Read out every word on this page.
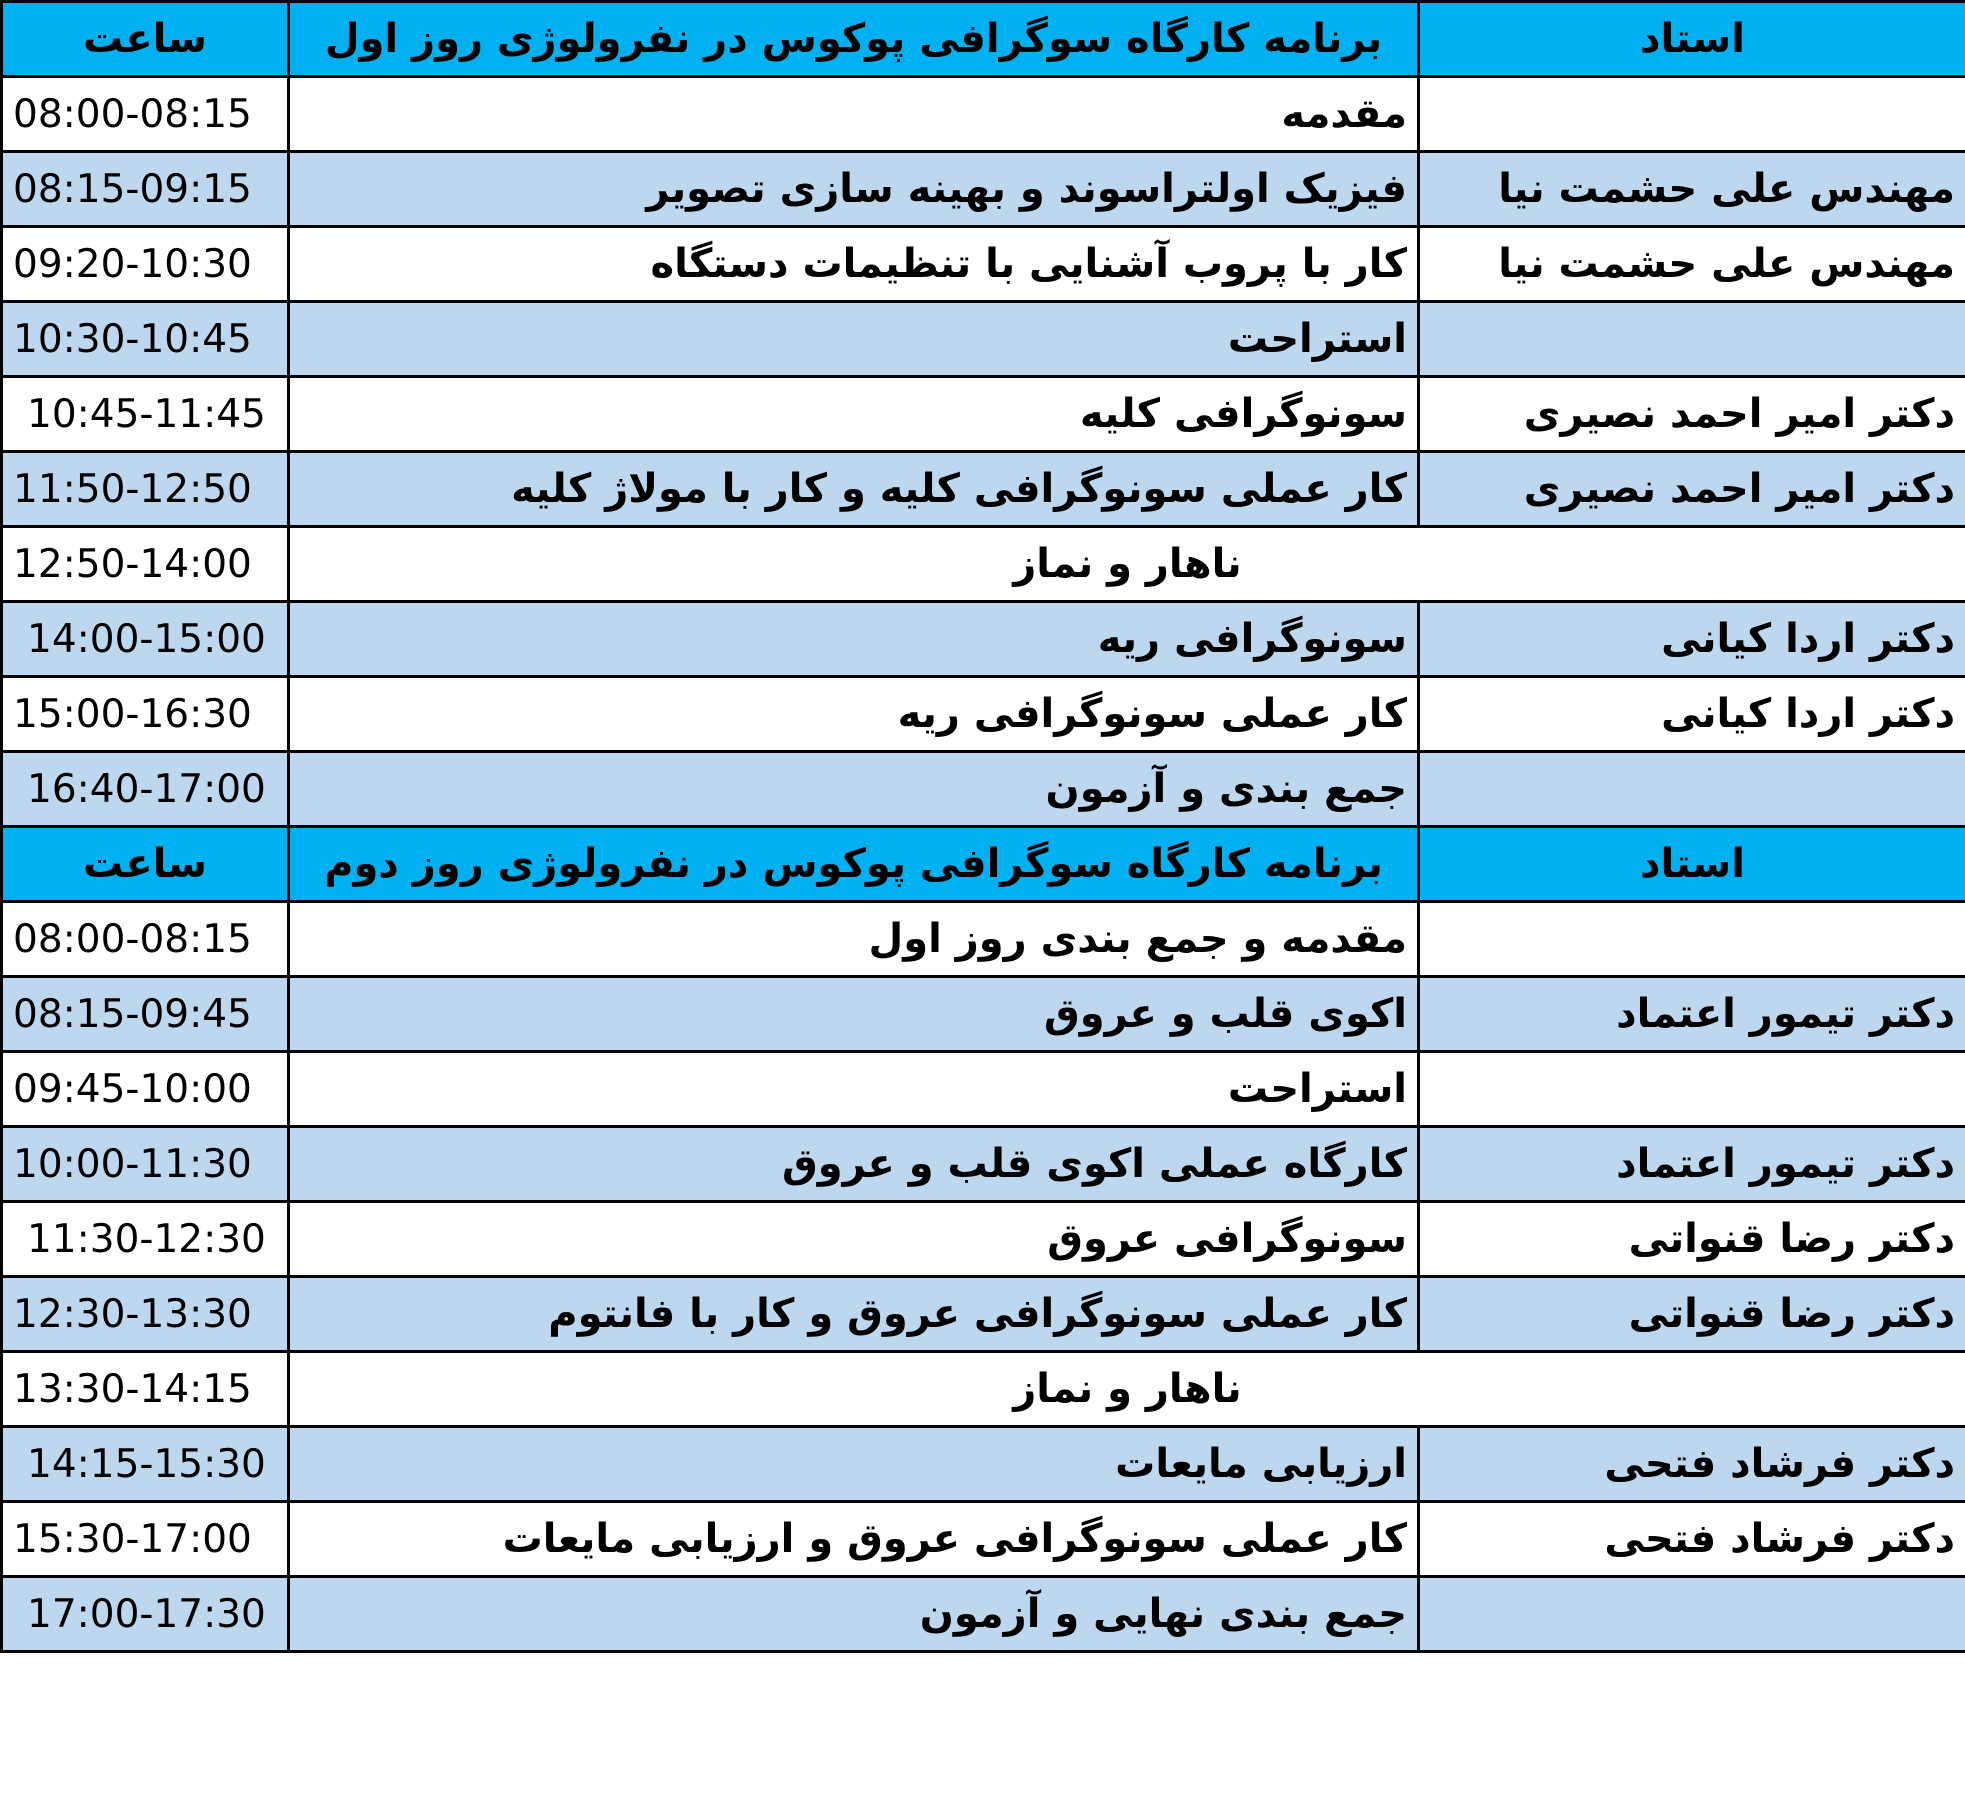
ساعت	برنامه کارگاه سوگرافی پوکوس در نفرولوژی روز اول	استاد
08:00-08:15	مقدمه	
08:15-09:15	فیزیک اولتراسوند و بهینه سازی تصویر	مهندس علی حشمت نیا
09:20-10:30	کار با پروب آشنایی با تنظیمات دستگاه	مهندس علی حشمت نیا
10:30-10:45	استراحت	
10:45-11:45	سونوگرافی کلیه	دکتر امیر احمد نصیری
11:50-12:50	کار عملی سونوگرافی کلیه و کار با مولاژ کلیه	دکتر امیر احمد نصیری
12:50-14:00	ناهار و نماز	
14:00-15:00	سونوگرافی ریه	دکتر اردا کیانی
15:00-16:30	کار عملی سونوگرافی ریه	دکتر اردا کیانی
16:40-17:00	جمع بندی و آزمون	
ساعت	برنامه کارگاه سوگرافی پوکوس در نفرولوژی روز دوم	استاد
08:00-08:15	مقدمه و جمع بندی روز اول	
08:15-09:45	اکوی قلب و عروق	دکتر تیمور اعتماد
09:45-10:00	استراحت	
10:00-11:30	کارگاه عملی اکوی قلب و عروق	دکتر تیمور اعتماد
11:30-12:30	سونوگرافی عروق	دکتر رضا قنواتی
12:30-13:30	کار عملی سونوگرافی عروق و کار با فانتوم	دکتر رضا قنواتی
13:30-14:15	ناهار و نماز	
14:15-15:30	ارزیابی مایعات	دکتر فرشاد فتحی
15:30-17:00	کار عملی سونوگرافی عروق و ارزیابی مایعات	دکتر فرشاد فتحی
17:00-17:30	جمع بندی نهایی و آزمون	
